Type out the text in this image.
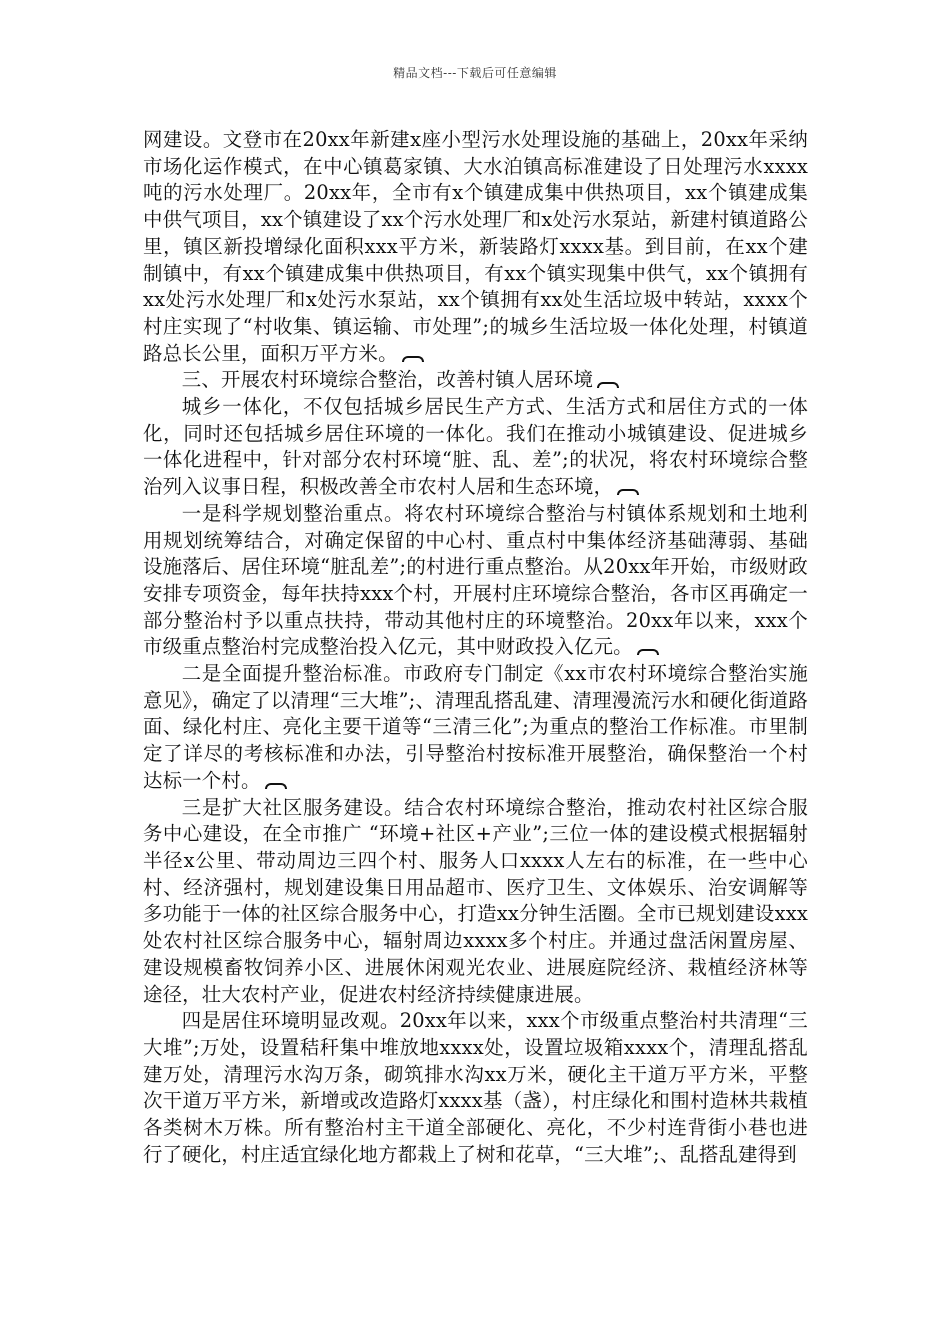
精品文档---下载后可任意编辑

网建设。文登市在20xx年新建x座小型污水处理设施的基础上，20xx年采纳市场化运作模式，在中心镇葛家镇、大水泊镇高标准建设了日处理污水xxxx吨的污水处理厂。20xx年，全市有x个镇建成集中供热项目，xx个镇建成集中供气项目，xx个镇建设了xx个污水处理厂和x处污水泵站，新建村镇道路公里，镇区新投增绿化面积xxx平方米，新装路灯xxxx基。到目前，在xx个建制镇中，有xx个镇建成集中供热项目，有xx个镇实现集中供气，xx个镇拥有xx处污水处理厂和x处污水泵站，xx个镇拥有xx处生活垃圾中转站，xxxx个村庄实现了“村收集、镇运输、市处理”;的城乡生活垃圾一体化处理，村镇道路总长公里，面积万平方米。

三、开展农村环境综合整治，改善村镇人居环境

城乡一体化，不仅包括城乡居民生产方式、生活方式和居住方式的一体化，同时还包括城乡居住环境的一体化。我们在推动小城镇建设、促进城乡一体化进程中，针对部分农村环境“脏、乱、差”;的状况，将农村环境综合整治列入议事日程，积极改善全市农村人居和生态环境，

一是科学规划整治重点。将农村环境综合整治与村镇体系规划和土地利用规划统筹结合，对确定保留的中心村、重点村中集体经济基础薄弱、基础设施落后、居住环境“脏乱差”;的村进行重点整治。从20xx年开始，市级财政安排专项资金，每年扶持xxx个村，开展村庄环境综合整治，各市区再确定一部分整治村予以重点扶持，带动其他村庄的环境整治。20xx年以来，xxx个市级重点整治村完成整治投入亿元，其中财政投入亿元。

二是全面提升整治标准。市政府专门制定《xx市农村环境综合整治实施意见》，确定了以清理“三大堆”;、清理乱搭乱建、清理漫流污水和硬化街道路面、绿化村庄、亮化主要干道等“三清三化”;为重点的整治工作标准。市里制定了详尽的考核标准和办法，引导整治村按标准开展整治，确保整治一个村达标一个村。

三是扩大社区服务建设。结合农村环境综合整治，推动农村社区综合服务中心建设，在全市推广 “环境+社区+产业”;三位一体的建设模式根据辐射半径x公里、带动周边三四个村、服务人口xxxx人左右的标准，在一些中心村、经济强村，规划建设集日用品超市、医疗卫生、文体娱乐、治安调解等多功能于一体的社区综合服务中心，打造xx分钟生活圈。全市已规划建设xxx处农村社区综合服务中心，辐射周边xxxx多个村庄。并通过盘活闲置房屋、建设规模畜牧饲养小区、进展休闲观光农业、进展庭院经济、栽植经济林等途径，壮大农村产业，促进农村经济持续健康进展。

四是居住环境明显改观。20xx年以来，xxx个市级重点整治村共清理“三大堆”;万处，设置秸秆集中堆放地xxxx处，设置垃圾箱xxxx个，清理乱搭乱建万处，清理污水沟万条，砌筑排水沟xx万米，硬化主干道万平方米，平整次干道万平方米，新增或改造路灯xxxx基（盏），村庄绿化和围村造林共栽植各类树木万株。所有整治村主干道全部硬化、亮化，不少村连背街小巷也进行了硬化，村庄适宜绿化地方都栽上了树和花草，“三大堆”;、乱搭乱建得到
